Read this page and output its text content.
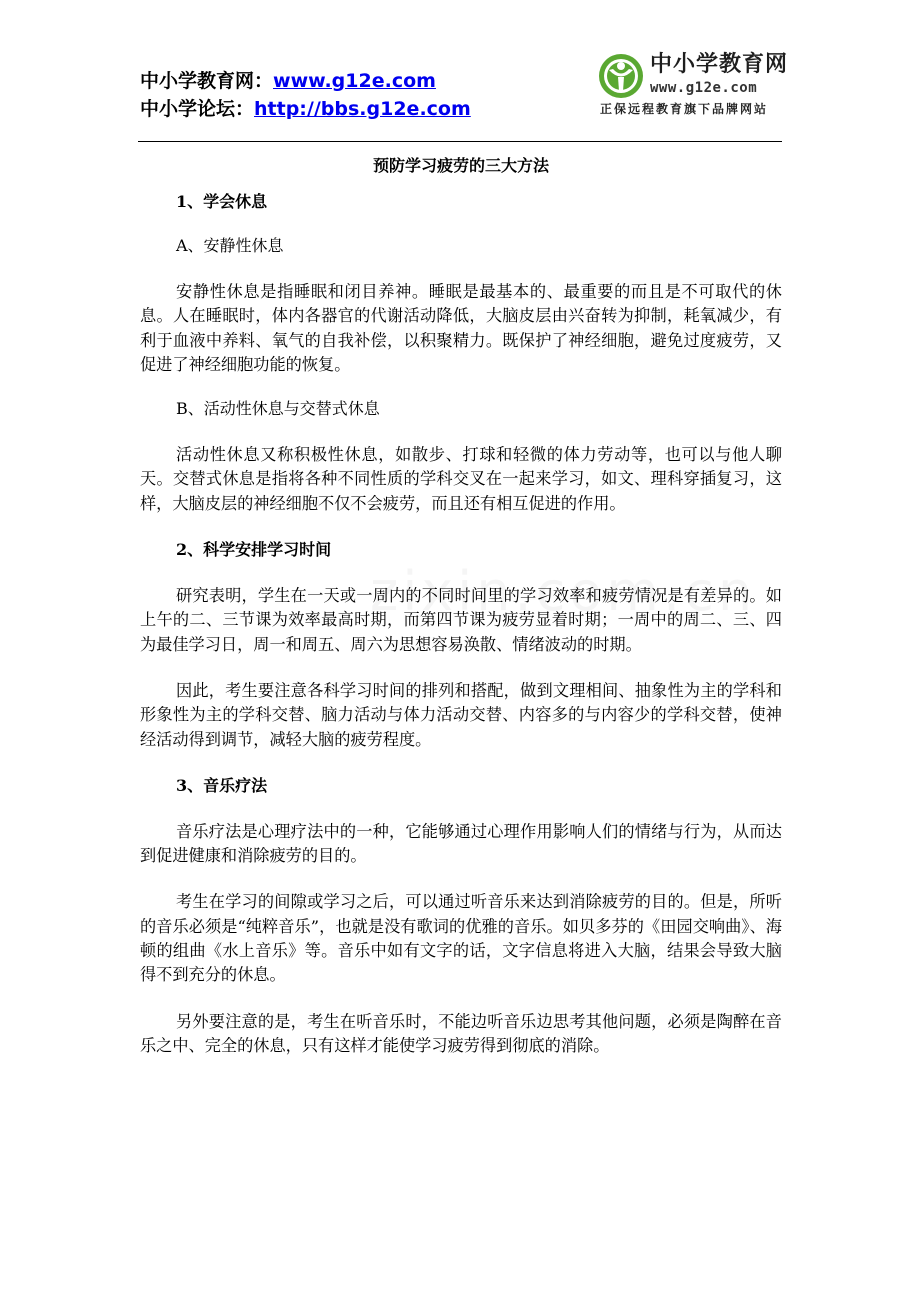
中小学教育网：www.g12e.com
中小学论坛：http://bbs.g12e.com
中小学教育网
www.g12e.com
正保远程教育旗下品牌网站
预防学习疲劳的三大方法

1、学会休息

A、安静性休息

安静性休息是指睡眠和闭目养神。睡眠是最基本的、最重要的而且是不可取代的休息。人在睡眠时，体内各器官的代谢活动降低，大脑皮层由兴奋转为抑制，耗氧减少，有利于血液中养料、氧气的自我补偿，以积聚精力。既保护了神经细胞，避免过度疲劳，又促进了神经细胞功能的恢复。

B、活动性休息与交替式休息

活动性休息又称积极性休息，如散步、打球和轻微的体力劳动等，也可以与他人聊天。交替式休息是指将各种不同性质的学科交叉在一起来学习，如文、理科穿插复习，这样，大脑皮层的神经细胞不仅不会疲劳，而且还有相互促进的作用。

2、科学安排学习时间

研究表明，学生在一天或一周内的不同时间里的学习效率和疲劳情况是有差异的。如上午的二、三节课为效率最高时期，而第四节课为疲劳显着时期；一周中的周二、三、四为最佳学习日，周一和周五、周六为思想容易涣散、情绪波动的时期。

因此，考生要注意各科学习时间的排列和搭配，做到文理相间、抽象性为主的学科和形象性为主的学科交替、脑力活动与体力活动交替、内容多的与内容少的学科交替，使神经活动得到调节，减轻大脑的疲劳程度。

3、音乐疗法

音乐疗法是心理疗法中的一种，它能够通过心理作用影响人们的情绪与行为，从而达到促进健康和消除疲劳的目的。

考生在学习的间隙或学习之后，可以通过听音乐来达到消除疲劳的目的。但是，所听的音乐必须是“纯粹音乐”，也就是没有歌词的优雅的音乐。如贝多芬的《田园交响曲》、海顿的组曲《水上音乐》等。音乐中如有文字的话，文字信息将进入大脑，结果会导致大脑得不到充分的休息。

另外要注意的是，考生在听音乐时，不能边听音乐边思考其他问题，必须是陶醉在音乐之中、完全的休息，只有这样才能使学习疲劳得到彻底的消除。
